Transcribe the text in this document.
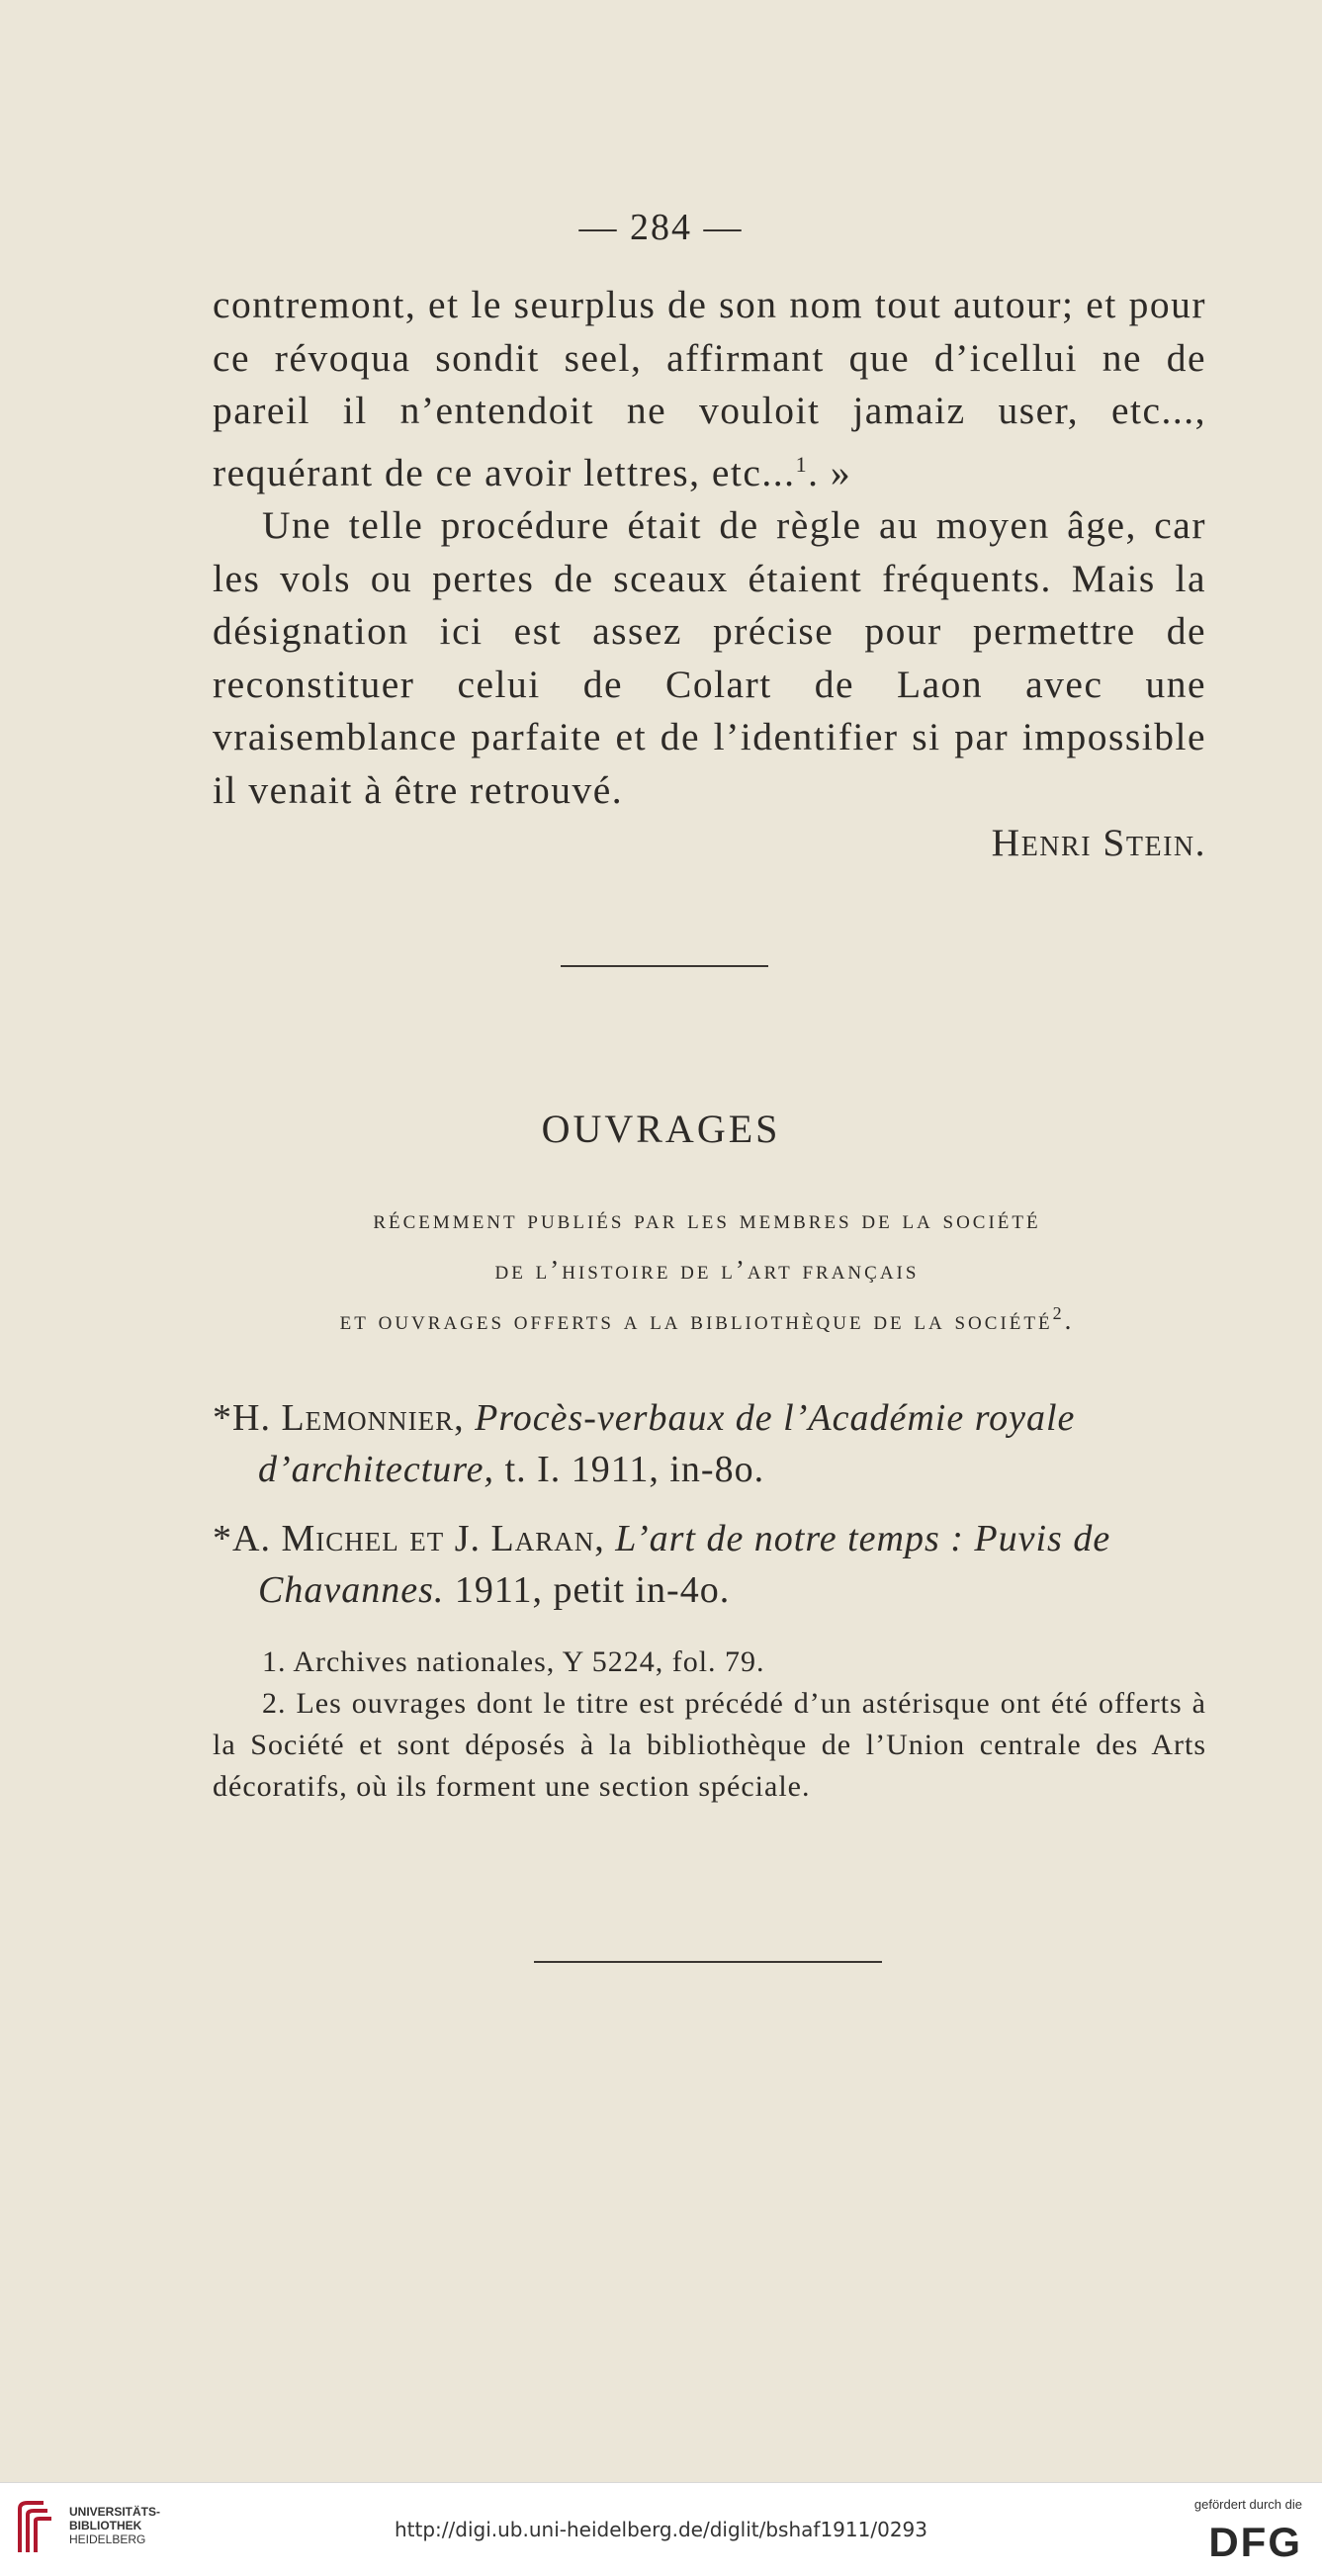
— 284 —

contremont, et le seurplus de son nom tout autour; et pour ce révoqua sondit seel, affirmant que d’icellui ne de pareil il n’entendoit ne vouloit jamaiz user, etc..., requérant de ce avoir lettres, etc...$^1$. »

Une telle procédure était de règle au moyen âge, car les vols ou pertes de sceaux étaient fréquents. Mais la désignation ici est assez précise pour permettre de reconstituer celui de Colart de Laon avec une vraisemblance parfaite et de l’identifier si par impossible il venait à être retrouvé.

Henri Stein.

OUVRAGES
récemment publiés par les membres de la société
de l’histoire de l’art français
et ouvrages offerts a la bibliothèque de la société$^2$.

*H. Lemonnier, Procès-verbaux de l’Académie royale d’architecture, t. I. 1911, in-8o.

*A. Michel et J. Laran, L’art de notre temps : Puvis de Chavannes. 1911, petit in-4o.

1. Archives nationales, Y 5224, fol. 79.

2. Les ouvrages dont le titre est précédé d’un astérisque ont été offerts à la Société et sont déposés à la bibliothèque de l’Union centrale des Arts décoratifs, où ils forment une section spéciale.

UNIVERSITÄTS-
BIBLIOTHEK
HEIDELBERG	http://digi.ub.uni-heidelberg.de/diglit/bshaf1911/0293
gefördert durch die
DFG
